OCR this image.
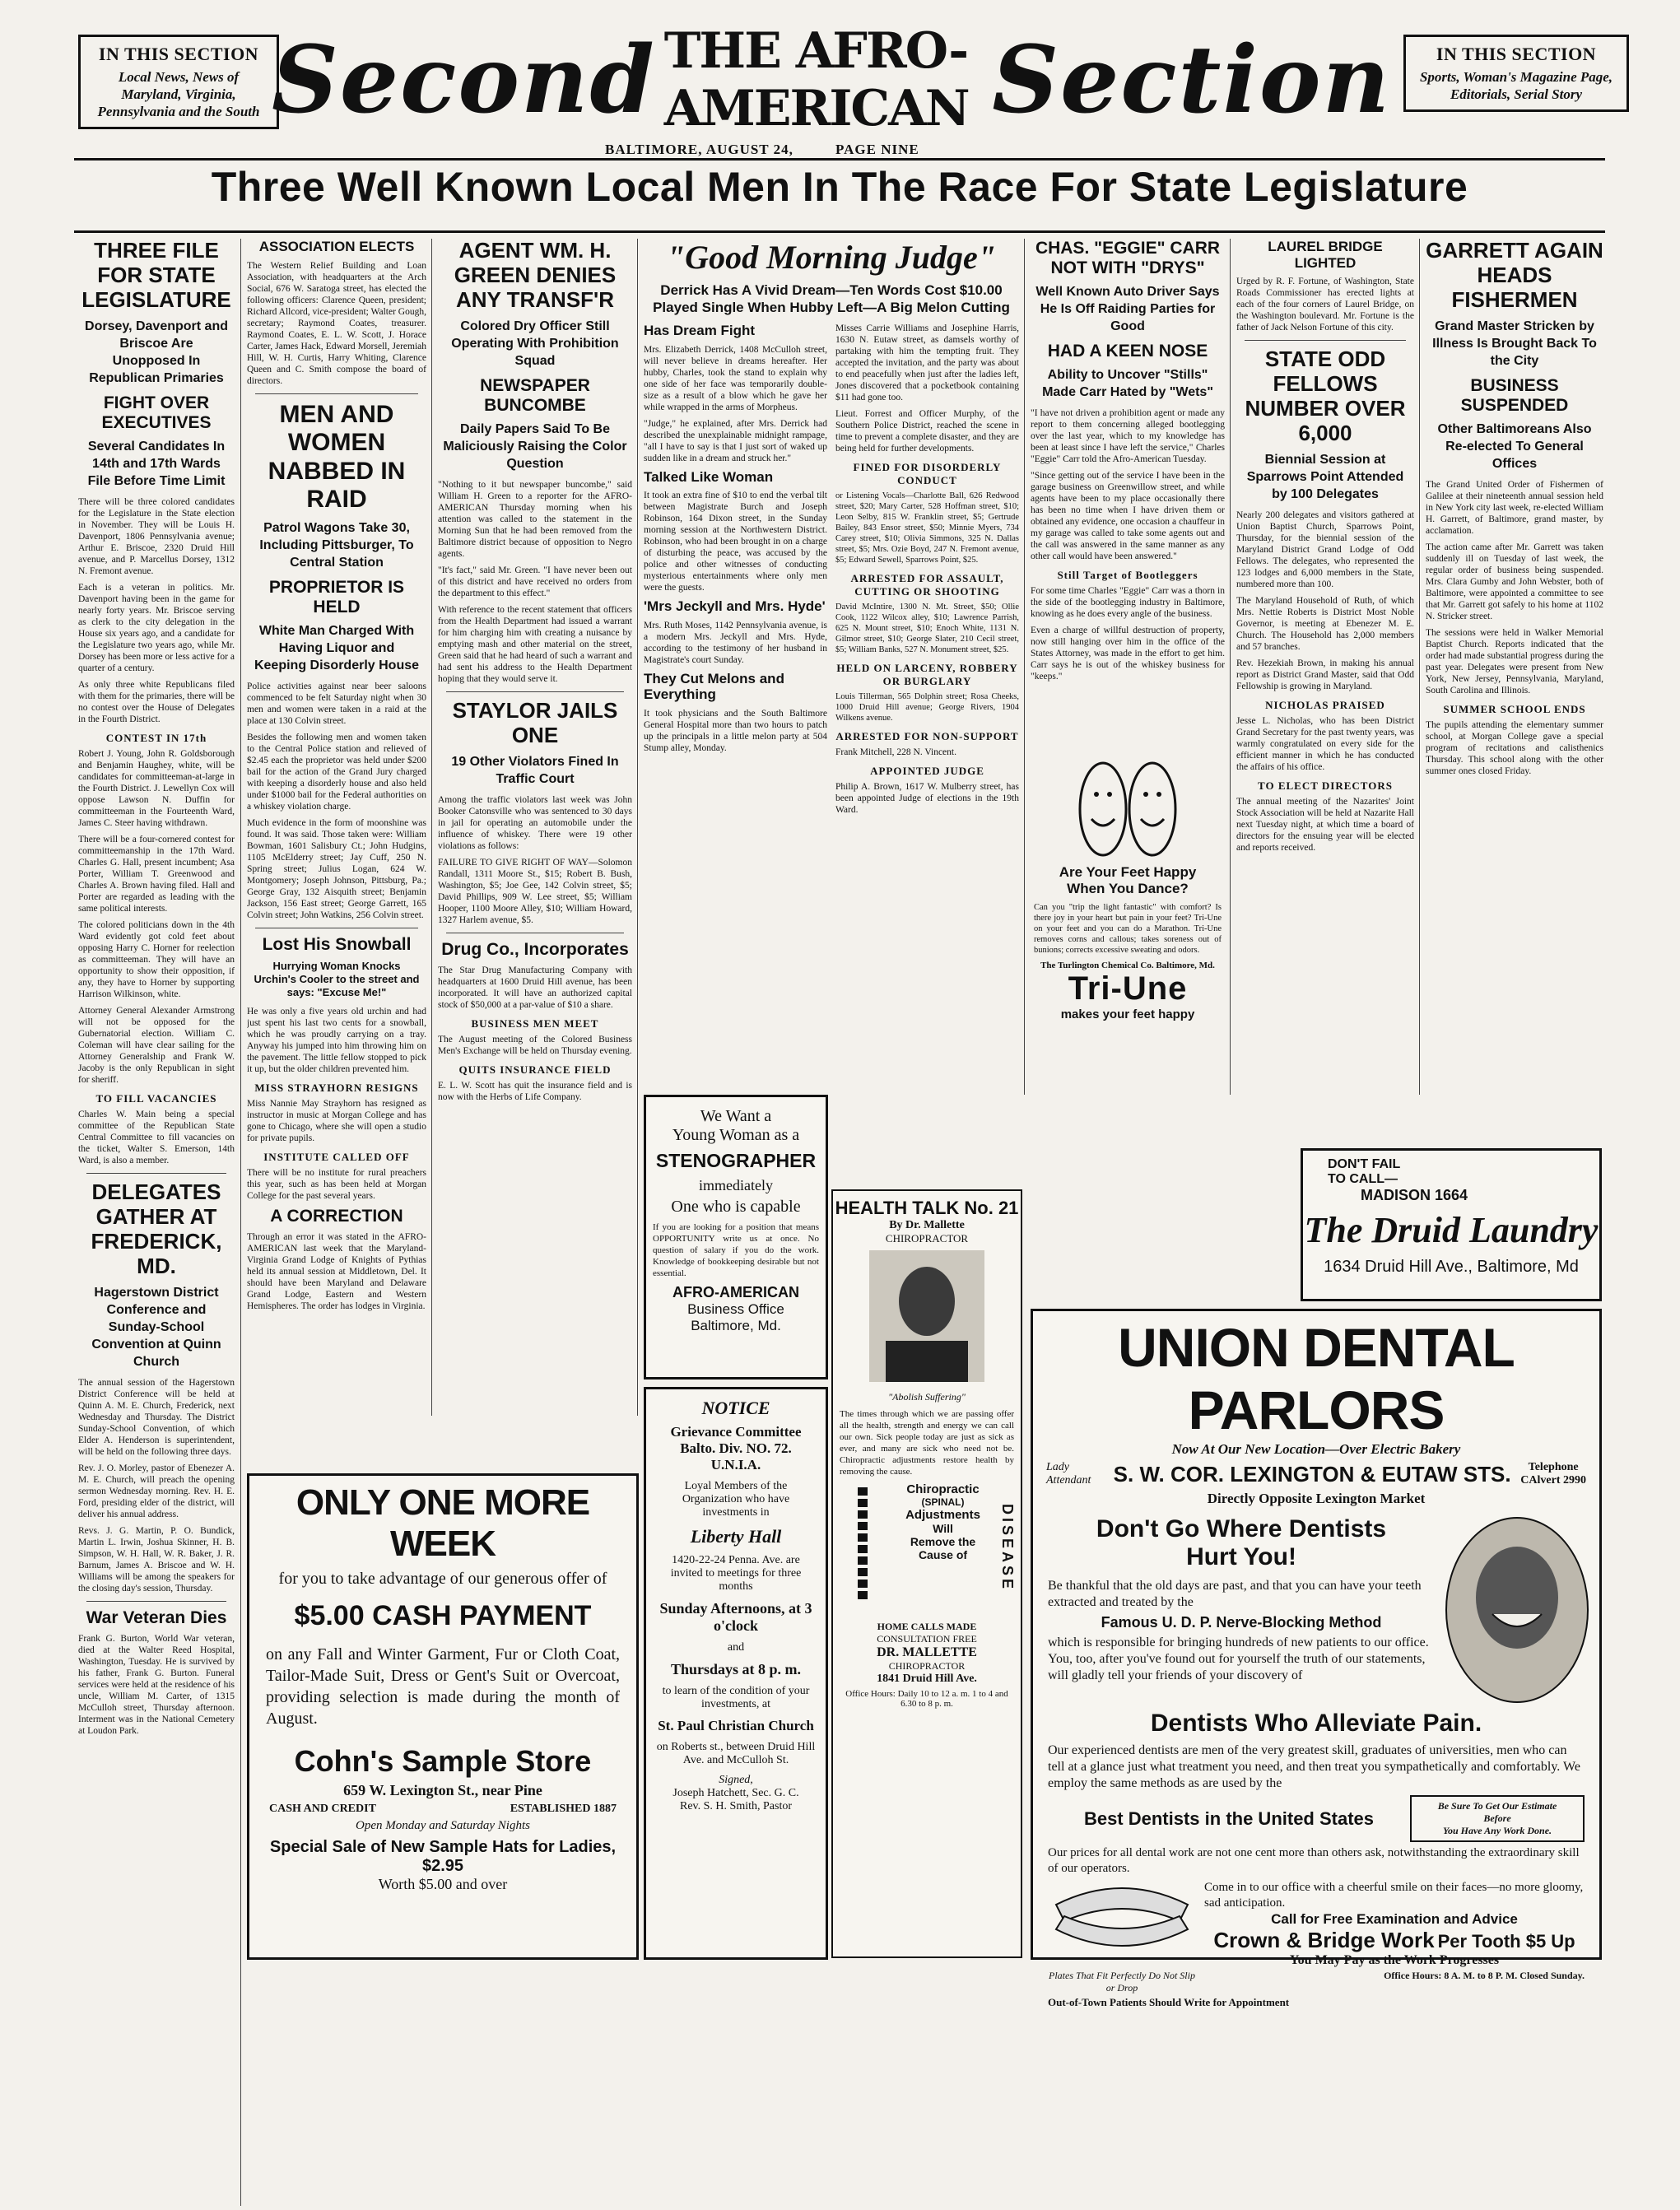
IN THIS SECTION
Local News, News of Maryland, Virginia, Pennsylvania and the South Second THE AFRO-AMERICAN Section	IN THIS SECTION
Sports, Woman's Magazine Page, Editorials, Serial Story
BALTIMORE, AUGUST 24,	PAGE NINE
Three Well Known Local Men In The Race For State Legislature
THREE FILE FOR STATE LEGISLATURE
Dorsey, Davenport and Briscoe Are Unopposed In Republican Primaries
FIGHT OVER EXECUTIVES
Several Candidates In 14th and 17th Wards File Before Time Limit

There will be three colored candidates for the Legislature in the State election in November. They will be Louis H. Davenport, 1806 Pennsylvania avenue; Arthur E. Briscoe, 2320 Druid Hill avenue, and P. Marcellus Dorsey, 1312 N. Fremont avenue.

Each is a veteran in politics. Mr. Davenport having been in the game for nearly forty years. Mr. Briscoe serving as clerk to the city delegation in the House six years ago, and a candidate for the Legislature two years ago, while Mr. Dorsey has been more or less active for a quarter of a century.

As only three white Republicans filed with them for the primaries, there will be no contest over the House of Delegates in the Fourth District.

CONTEST IN 17th

Robert J. Young, John R. Goldsborough and Benjamin Haughey, white, will be candidates for committeeman-at-large in the Fourth District. J. Lewellyn Cox will oppose Lawson N. Duffin for committeeman in the Fourteenth Ward, James C. Steer having withdrawn.

There will be a four-cornered contest for committeemanship in the 17th Ward. Charles G. Hall, present incumbent; Asa Porter, William T. Greenwood and Charles A. Brown having filed. Hall and Porter are regarded as leading with the same political interests.

The colored politicians down in the 4th Ward evidently got cold feet about opposing Harry C. Horner for reelection as committeeman. They will have an opportunity to show their opposition, if any, they have to Horner by supporting Harrison Wilkinson, white.

Attorney General Alexander Armstrong will not be opposed for the Gubernatorial election. William C. Coleman will have clear sailing for the Attorney Generalship and Frank W. Jacoby is the only Republican in sight for sheriff.

TO FILL VACANCIES

Charles W. Main being a special committee of the Republican State Central Committee to fill vacancies on the ticket, Walter S. Emerson, 14th Ward, is also a member.

DELEGATES GATHER AT FREDERICK, MD.
Hagerstown District Conference and Sunday-School Convention at Quinn Church

The annual session of the Hagerstown District Conference will be held at Quinn A. M. E. Church, Frederick, next Wednesday and Thursday. The District Sunday-School Convention, of which Elder A. Henderson is superintendent, will be held on the following three days.

Rev. J. O. Morley, pastor of Ebenezer A. M. E. Church, will preach the opening sermon Wednesday morning. Rev. H. E. Ford, presiding elder of the district, will deliver his annual address.

Revs. J. G. Martin, P. O. Bundick, Martin L. Irwin, Joshua Skinner, H. B. Simpson, W. H. Hall, W. R. Baker, J. R. Barnum, James A. Briscoe and W. H. Williams will be among the speakers for the closing day's session, Thursday.

War Veteran Dies

Frank G. Burton, World War veteran, died at the Walter Reed Hospital, Washington, Tuesday. He is survived by his father, Frank G. Burton. Funeral services were held at the residence of his uncle, William M. Carter, of 1315 McCulloh street, Thursday afternoon. Interment was in the National Cemetery at Loudon Park.

ASSOCIATION ELECTS

The Western Relief Building and Loan Association, with headquarters at the Arch Social, 676 W. Saratoga street, has elected the following officers: Clarence Queen, president; Richard Allcord, vice-president; Walter Gough, secretary; Raymond Coates, treasurer. Raymond Coates, E. L. W. Scott, J. Horace Carter, James Hack, Edward Morsell, Jeremiah Hill, W. H. Curtis, Harry Whiting, Clarence Queen and C. Smith compose the board of directors.

MEN AND WOMEN NABBED IN RAID
Patrol Wagons Take 30, Including Pittsburger, To Central Station
PROPRIETOR IS HELD
White Man Charged With Having Liquor and Keeping Disorderly House

Police activities against near beer saloons commenced to be felt Saturday night when 30 men and women were taken in a raid at the place at 130 Colvin street.

Besides the following men and women taken to the Central Police station and relieved of $2.45 each the proprietor was held under $200 bail for the action of the Grand Jury charged with keeping a disorderly house and also held under $1000 bail for the Federal authorities on a whiskey violation charge.

Much evidence in the form of moonshine was found. It was said. Those taken were: William Bowman, 1601 Salisbury Ct.; John Hudgins, 1105 McElderry street; Jay Cuff, 250 N. Spring street; Julius Logan, 624 W. Montgomery; Joseph Johnson, Pittsburg, Pa.; George Gray, 132 Aisquith street; Benjamin Jackson, 156 East street; George Garrett, 165 Colvin street; John Watkins, 256 Colvin street.

Lost His Snowball
Hurrying Woman Knocks Urchin's Cooler to the street and says: "Excuse Me!"

He was only a five years old urchin and had just spent his last two cents for a snowball, which he was proudly carrying on a tray. Anyway his jumped into him throwing him on the pavement. The little fellow stopped to pick it up, but the older children prevented him.

MISS STRAYHORN RESIGNS

Miss Nannie May Strayhorn has resigned as instructor in music at Morgan College and has gone to Chicago, where she will open a studio for private pupils.

INSTITUTE CALLED OFF

There will be no institute for rural preachers this year, such as has been held at Morgan College for the past several years.

A CORRECTION

Through an error it was stated in the AFRO-AMERICAN last week that the Maryland-Virginia Grand Lodge of Knights of Pythias held its annual session at Middletown, Del. It should have been Maryland and Delaware Grand Lodge, Eastern and Western Hemispheres. The order has lodges in Virginia.

AGENT WM. H. GREEN DENIES ANY TRANSF'R
Colored Dry Officer Still Operating With Prohibition Squad
NEWSPAPER BUNCOMBE
Daily Papers Said To Be Maliciously Raising the Color Question

"Nothing to it but newspaper buncombe," said William H. Green to a reporter for the AFRO-AMERICAN Thursday morning when his attention was called to the statement in the Morning Sun that he had been removed from the Baltimore district because of opposition to Negro agents.

"It's fact," said Mr. Green. "I have never been out of this district and have received no orders from the department to this effect."

With reference to the recent statement that officers from the Health Department had issued a warrant for him charging him with creating a nuisance by emptying mash and other material on the street, Green said that he had heard of such a warrant and had sent his address to the Health Department hoping that they would serve it.

STAYLOR JAILS ONE
19 Other Violators Fined In Traffic Court

Among the traffic violators last week was John Booker Catonsville who was sentenced to 30 days in jail for operating an automobile under the influence of whiskey. There were 19 other violations as follows:

FAILURE TO GIVE RIGHT OF WAY—Solomon Randall, 1311 Moore St., $15; Robert B. Bush, Washington, $5; Joe Gee, 142 Colvin street, $5; David Phillips, 909 W. Lee street, $5; William Hooper, 1100 Moore Alley, $10; William Howard, 1327 Harlem avenue, $5.

Drug Co., Incorporates

The Star Drug Manufacturing Company with headquarters at 1600 Druid Hill avenue, has been incorporated. It will have an authorized capital stock of $50,000 at a par-value of $10 a share.

BUSINESS MEN MEET

The August meeting of the Colored Business Men's Exchange will be held on Thursday evening.

QUITS INSURANCE FIELD

E. L. W. Scott has quit the insurance field and is now with the Herbs of Life Company.

"Good Morning Judge"
Derrick Has A Vivid Dream—Ten Words Cost $10.00 Played Single When Hubby Left—A Big Melon Cutting
Has Dream Fight

Mrs. Elizabeth Derrick, 1408 McCulloh street, will never believe in dreams hereafter. Her hubby, Charles, took the stand to explain why one side of her face was temporarily double-size as a result of a blow which he gave her while wrapped in the arms of Morpheus.

"Judge," he explained, after Mrs. Derrick had described the unexplainable midnight rampage, "all I have to say is that I just sort of waked up sudden like in a dream and struck her."

Talked Like Woman

It took an extra fine of $10 to end the verbal tilt between Magistrate Burch and Joseph Robinson, 164 Dixon street, in the Sunday morning session at the Northwestern District. Robinson, who had been brought in on a charge of disturbing the peace, was accused by the police and other witnesses of conducting mysterious entertainments where only men were the guests.

'Mrs Jeckyll and Mrs. Hyde'

Mrs. Ruth Moses, 1142 Pennsylvania avenue, is a modern Mrs. Jeckyll and Mrs. Hyde, according to the testimony of her husband in Magistrate's court Sunday.

They Cut Melons and Everything

It took physicians and the South Baltimore General Hospital more than two hours to patch up the principals in a little melon party at 504 Stump alley, Monday.

Misses Carrie Williams and Josephine Harris, 1630 N. Eutaw street, as damsels worthy of partaking with him the tempting fruit. They accepted the invitation, and the party was about to end peacefully when just after the ladies left, Jones discovered that a pocketbook containing $11 had gone too.

Lieut. Forrest and Officer Murphy, of the Southern Police District, reached the scene in time to prevent a complete disaster, and they are being held for further developments.

FINED FOR DISORDERLY CONDUCT

or Listening Vocals—Charlotte Ball, 626 Redwood street, $20; Mary Carter, 528 Hoffman street, $10; Leon Selby, 815 W. Franklin street, $5; Gertrude Bailey, 843 Ensor street, $50; Minnie Myers, 734 Carey street, $10; Olivia Simmons, 325 N. Dallas street, $5; Mrs. Ozie Boyd, 247 N. Fremont avenue, $5; Edward Sewell, Sparrows Point, $25.

ARRESTED FOR ASSAULT, CUTTING OR SHOOTING

David McIntire, 1300 N. Mt. Street, $50; Ollie Cook, 1122 Wilcox alley, $10; Lawrence Parrish, 625 N. Mount street, $10; Enoch White, 1131 N. Gilmor street, $10; George Slater, 210 Cecil street, $5; William Banks, 527 N. Monument street, $25.

HELD ON LARCENY, ROBBERY OR BURGLARY

Louis Tillerman, 565 Dolphin street; Rosa Cheeks, 1000 Druid Hill avenue; George Rivers, 1904 Wilkens avenue.

ARRESTED FOR NON-SUPPORT

Frank Mitchell, 228 N. Vincent.

APPOINTED JUDGE

Philip A. Brown, 1617 W. Mulberry street, has been appointed Judge of elections in the 19th Ward.

CHAS. "EGGIE" CARR NOT WITH "DRYS"
Well Known Auto Driver Says He Is Off Raiding Parties for Good
HAD A KEEN NOSE
Ability to Uncover "Stills" Made Carr Hated by "Wets"

"I have not driven a prohibition agent or made any report to them concerning alleged bootlegging over the last year, which to my knowledge has been at least since I have left the service," Charles "Eggie" Carr told the Afro-American Tuesday.

"Since getting out of the service I have been in the garage business on Greenwillow street, and while agents have been to my place occasionally there has been no time when I have driven them or obtained any evidence, one occasion a chauffeur in my garage was called to take some agents out and the call was answered in the same manner as any other call would have been answered."

Still Target of Bootleggers

For some time Charles "Eggie" Carr was a thorn in the side of the bootlegging industry in Baltimore, knowing as he does every angle of the business.

Even a charge of willful destruction of property, now still hanging over him in the office of the States Attorney, was made in the effort to get him. Carr says he is out of the whiskey business for "keeps."

Are Your Feet Happy
When You Dance?

Can you "trip the light fantastic" with comfort? Is there joy in your heart but pain in your feet? Tri-Une on your feet and you can do a Marathon. Tri-Une removes corns and callous; takes soreness out of bunions; corrects excessive sweating and odors.

The Turlington Chemical Co. Baltimore, Md.
Tri-Une
makes your feet happy
LAUREL BRIDGE LIGHTED

Urged by R. F. Fortune, of Washington, State Roads Commissioner has erected lights at each of the four corners of Laurel Bridge, on the Washington boulevard. Mr. Fortune is the father of Jack Nelson Fortune of this city.

STATE ODD FELLOWS NUMBER OVER 6,000
Biennial Session at Sparrows Point Attended by 100 Delegates

Nearly 200 delegates and visitors gathered at Union Baptist Church, Sparrows Point, Thursday, for the biennial session of the Maryland District Grand Lodge of Odd Fellows. The delegates, who represented the 123 lodges and 6,000 members in the State, numbered more than 100.

The Maryland Household of Ruth, of which Mrs. Nettie Roberts is District Most Noble Governor, is meeting at Ebenezer M. E. Church. The Household has 2,000 members and 57 branches.

Rev. Hezekiah Brown, in making his annual report as District Grand Master, said that Odd Fellowship is growing in Maryland.

NICHOLAS PRAISED

Jesse L. Nicholas, who has been District Grand Secretary for the past twenty years, was warmly congratulated on every side for the efficient manner in which he has conducted the affairs of his office.

TO ELECT DIRECTORS

The annual meeting of the Nazarites' Joint Stock Association will be held at Nazarite Hall next Tuesday night, at which time a board of directors for the ensuing year will be elected and reports received.

GARRETT AGAIN HEADS FISHERMEN
Grand Master Stricken by Illness Is Brought Back To the City
BUSINESS SUSPENDED
Other Baltimoreans Also Re-elected To General Offices

The Grand United Order of Fishermen of Galilee at their nineteenth annual session held in New York city last week, re-elected William H. Garrett, of Baltimore, grand master, by acclamation.

The action came after Mr. Garrett was taken suddenly ill on Tuesday of last week, the regular order of business being suspended. Mrs. Clara Gumby and John Webster, both of Baltimore, were appointed a committee to see that Mr. Garrett got safely to his home at 1102 N. Stricker street.

The sessions were held in Walker Memorial Baptist Church. Reports indicated that the order had made substantial progress during the past year. Delegates were present from New York, New Jersey, Pennsylvania, Maryland, South Carolina and Illinois.

SUMMER SCHOOL ENDS

The pupils attending the elementary summer school, at Morgan College gave a special program of recitations and calisthenics Thursday. This school along with the other summer ones closed Friday.

DON'T FAIL
TO CALL—
MADISON 1664
The Druid Laundry
1634 Druid Hill Ave., Baltimore, Md
We Want a
Young Woman as a
STENOGRAPHER
immediately
One who is capable

If you are looking for a position that means OPPORTUNITY write us at once. No question of salary if you do the work. Knowledge of bookkeeping desirable but not essential.

AFRO-AMERICAN
Business Office
Baltimore, Md.
NOTICE
Grievance Committee
Balto. Div. NO. 72.
U.N.I.A.
Loyal Members of the Organization who have investments in
Liberty Hall
1420-22-24 Penna. Ave. are invited to meetings for three months
Sunday Afternoons, at 3 o'clock
and
Thursdays at 8 p. m.
to learn of the condition of your investments, at
St. Paul Christian Church
on Roberts st., between Druid Hill Ave. and McCulloh St.
Signed,
Joseph Hatchett, Sec. G. C.
Rev. S. H. Smith, Pastor
HEALTH TALK No. 21
By Dr. Mallette
CHIROPRACTOR
"Abolish Suffering"

The times through which we are passing offer all the health, strength and energy we can call our own. Sick people today are just as sick as ever, and many are sick who need not be. Chiropractic adjustments restore health by removing the cause.

Chiropractic
(SPINAL)
Adjustments
Will
Remove the
Cause of	DISEASE
HOME CALLS MADE
CONSULTATION FREE
DR. MALLETTE
CHIROPRACTOR
1841 Druid Hill Ave.
Office Hours: Daily 10 to 12 a. m. 1 to 4 and 6.30 to 8 p. m.
ONLY ONE MORE WEEK
for you to take advantage of our generous offer of
$5.00 CASH PAYMENT
on any Fall and Winter Garment, Fur or Cloth Coat, Tailor-Made Suit, Dress or Gent's Suit or Overcoat, providing selection is made during the month of August.
Cohn's Sample Store
659 W. Lexington St., near Pine
CASH AND CREDIT	ESTABLISHED 1887
Open Monday and Saturday Nights
Special Sale of New Sample Hats for Ladies, $2.95
Worth $5.00 and over
UNION DENTAL PARLORS
Now At Our New Location—Over Electric Bakery
Lady Attendant	S. W. COR. LEXINGTON & EUTAW STS.	Telephone
CAlvert 2990
Directly Opposite Lexington Market
Don't Go Where Dentists
Hurt You!
Be thankful that the old days are past, and that you can have your teeth extracted and treated by the
Famous U. D. P. Nerve-Blocking Method
which is responsible for bringing hundreds of new patients to our office. You, too, after you've found out for yourself the truth of our statements, will gladly tell your friends of your discovery of
Dentists Who Alleviate Pain.
Our experienced dentists are men of the very greatest skill, graduates of universities, men who can tell at a glance just what treatment you need, and then treat you sympathetically and comfortably. We employ the same methods as are used by the
Best Dentists in the United States
Be Sure To Get Our Estimate
Before
You Have Any Work Done.
Our prices for all dental work are not one cent more than others ask, notwithstanding the extraordinary skill of our operators.
Come in to our office with a cheerful smile on their faces—no more gloomy, sad anticipation.
Call for Free Examination and Advice
Crown & Bridge Work Per Tooth $5 Up
You May Pay as the Work Progresses
Plates That Fit Perfectly Do Not Slip or Drop
Office Hours: 8 A. M. to 8 P. M. Closed Sunday.
Out-of-Town Patients Should Write for Appointment
